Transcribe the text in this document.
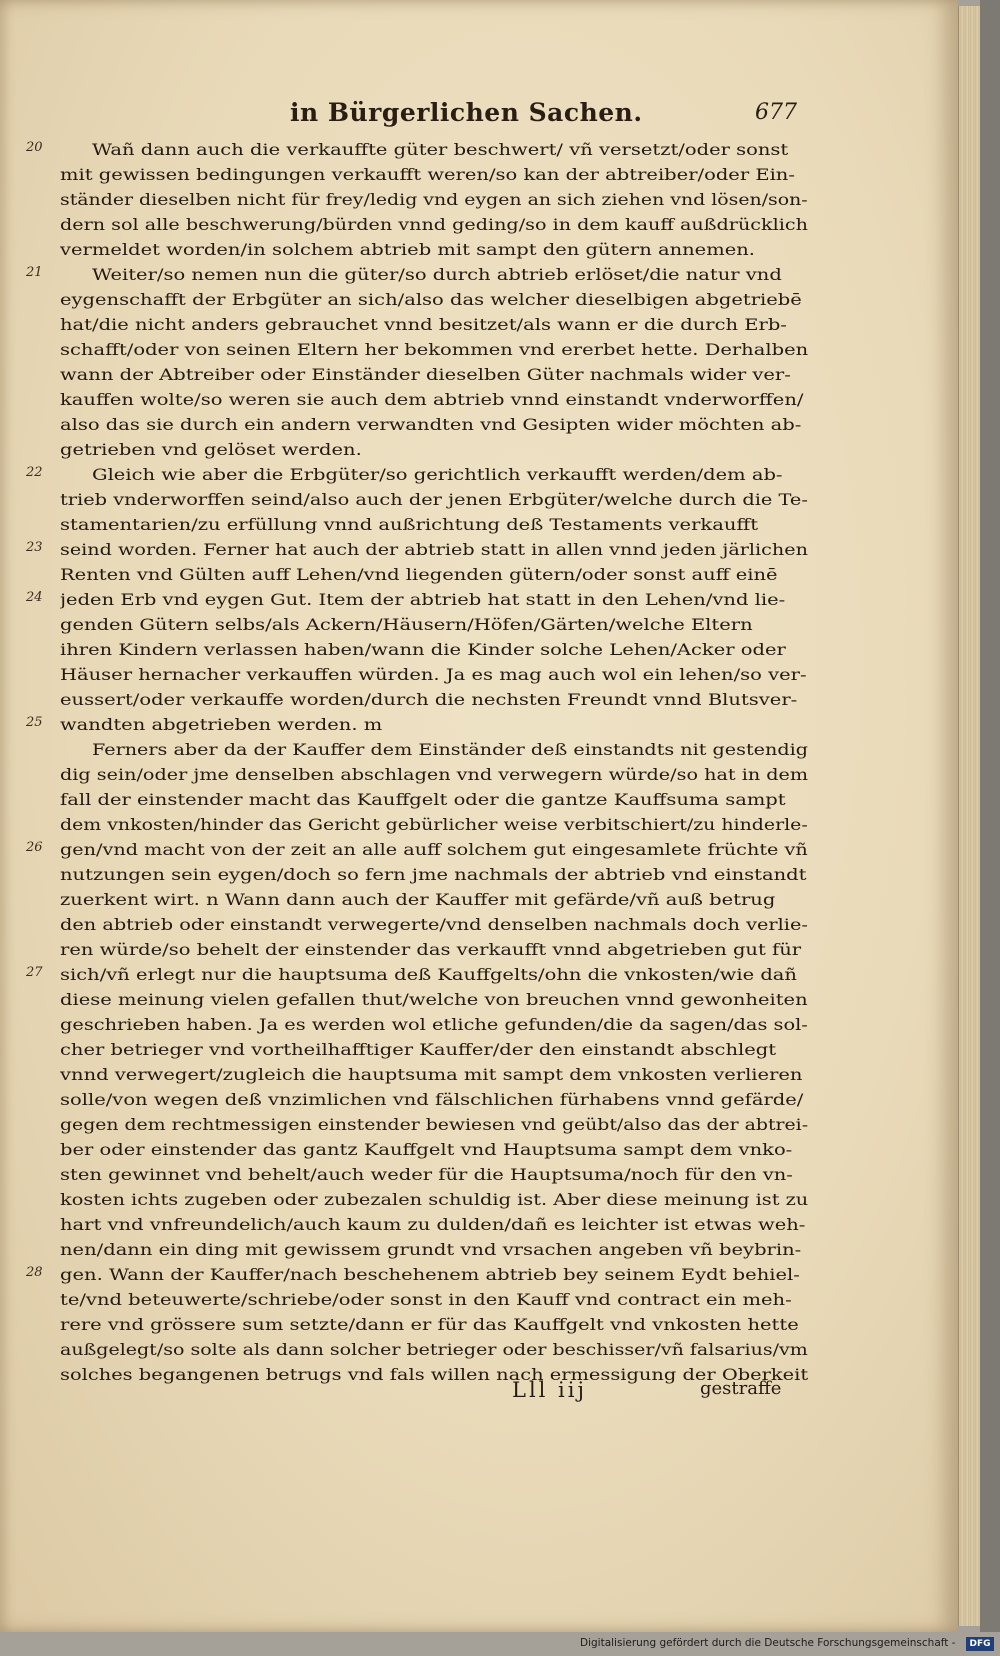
in Bürgerlichen Sachen.	677
20
21
22
23
24
25
26
27
28
Wañ dann auch die verkauffte güter beschwert/ vñ versetzt/oder sonst
mit gewissen bedingungen verkaufft weren/so kan der abtreiber/oder Ein-
ständer dieselben nicht für frey/ledig vnd eygen an sich ziehen vnd lösen/son-
dern sol alle beschwerung/bürden vnnd geding/so in dem kauff außdrücklich
vermeldet worden/in solchem abtrieb mit sampt den gütern annemen.
Weiter/so nemen nun die güter/so durch abtrieb erlöset/die natur vnd
eygenschafft der Erbgüter an sich/also das welcher dieselbigen abgetriebē
hat/die nicht anders gebrauchet vnnd besitzet/als wann er die durch Erb-
schafft/oder von seinen Eltern her bekommen vnd ererbet hette. Derhalben
wann der Abtreiber oder Einständer dieselben Güter nachmals wider ver-
kauffen wolte/so weren sie auch dem abtrieb vnnd einstandt vnderworffen/
also das sie durch ein andern verwandten vnd Gesipten wider möchten ab-
getrieben vnd gelöset werden.
Gleich wie aber die Erbgüter/so gerichtlich verkaufft werden/dem ab-
trieb vnderworffen seind/also auch der jenen Erbgüter/welche durch die Te-
stamentarien/zu erfüllung vnnd außrichtung deß Testaments verkaufft
seind worden. Ferner hat auch der abtrieb statt in allen vnnd jeden järlichen
Renten vnd Gülten auff Lehen/vnd liegenden gütern/oder sonst auff einē
jeden Erb vnd eygen Gut. Item der abtrieb hat statt in den Lehen/vnd lie-
genden Gütern selbs/als Ackern/Häusern/Höfen/Gärten/welche Eltern
ihren Kindern verlassen haben/wann die Kinder solche Lehen/Acker oder
Häuser hernacher verkauffen würden. Ja es mag auch wol ein lehen/so ver-
eussert/oder verkauffe worden/durch die nechsten Freundt vnnd Blutsver-
wandten abgetrieben werden. m
Ferners aber da der Kauffer dem Einständer deß einstandts nit gestendig
dig sein/oder jme denselben abschlagen vnd verwegern würde/so hat in dem
fall der einstender macht das Kauffgelt oder die gantze Kauffsuma sampt
dem vnkosten/hinder das Gericht gebürlicher weise verbitschiert/zu hinderle-
gen/vnd macht von der zeit an alle auff solchem gut eingesamlete früchte vñ
nutzungen sein eygen/doch so fern jme nachmals der abtrieb vnd einstandt
zuerkent wirt. n Wann dann auch der Kauffer mit gefärde/vñ auß betrug
den abtrieb oder einstandt verwegerte/vnd denselben nachmals doch verlie-
ren würde/so behelt der einstender das verkaufft vnnd abgetrieben gut für
sich/vñ erlegt nur die hauptsuma deß Kauffgelts/ohn die vnkosten/wie dañ
diese meinung vielen gefallen thut/welche von breuchen vnnd gewonheiten
geschrieben haben. Ja es werden wol etliche gefunden/die da sagen/das sol-
cher betrieger vnd vortheilhafftiger Kauffer/der den einstandt abschlegt
vnnd verwegert/zugleich die hauptsuma mit sampt dem vnkosten verlieren
solle/von wegen deß vnzimlichen vnd fälschlichen fürhabens vnnd gefärde/
gegen dem rechtmessigen einstender bewiesen vnd geübt/also das der abtrei-
ber oder einstender das gantz Kauffgelt vnd Hauptsuma sampt dem vnko-
sten gewinnet vnd behelt/auch weder für die Hauptsuma/noch für den vn-
kosten ichts zugeben oder zubezalen schuldig ist. Aber diese meinung ist zu
hart vnd vnfreundelich/auch kaum zu dulden/dañ es leichter ist etwas weh-
nen/dann ein ding mit gewissem grundt vnd vrsachen angeben vñ beybrin-
gen. Wann der Kauffer/nach beschehenem abtrieb bey seinem Eydt behiel-
te/vnd beteuwerte/schriebe/oder sonst in den Kauff vnd contract ein meh-
rere vnd grössere sum setzte/dann er für das Kauffgelt vnd vnkosten hette
außgelegt/so solte als dann solcher betrieger oder beschisser/vñ falsarius/vm
solches begangenen betrugs vnd fals willen nach ermessigung der Oberkeit
Lll iij	gestraffe
Digitalisierung gefördert durch die Deutsche Forschungsgemeinschaft -	DFG
